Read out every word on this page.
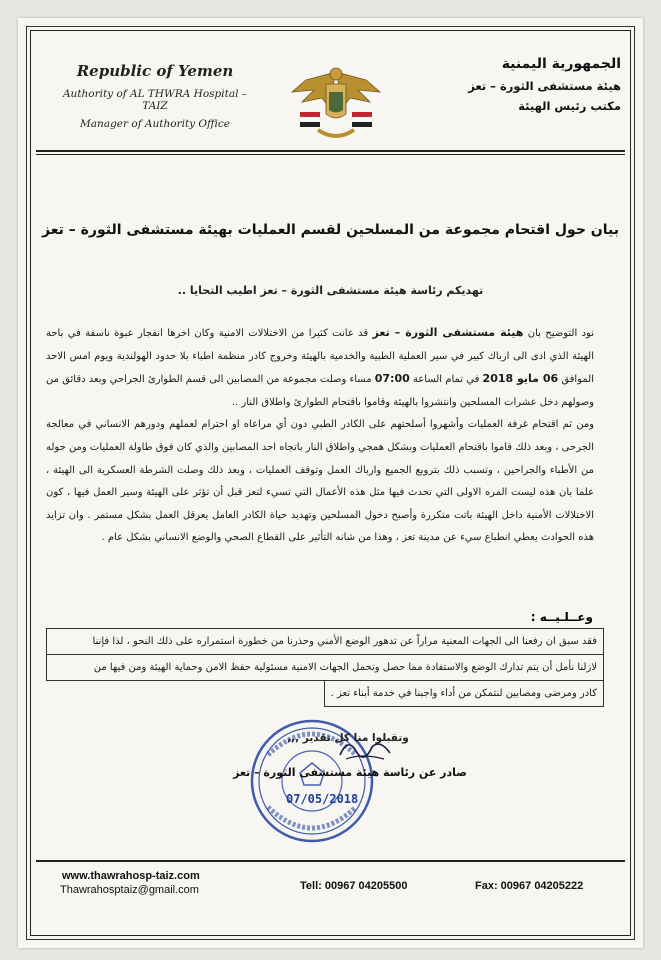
Republic of Yemen
Authority of AL THWRA Hospital – TAIZ
Manager of Authority Office
الجمهورية اليمنية
هيئة مستشفى الثورة – تعز
مكتب رئيس الهيئة
بيان حول اقتحام مجموعة من المسلحين لقسم العمليات بهيئة مستشفى الثورة – تعز
تهديكم رئاسة هيئة مستشفى الثورة – تعز اطيب التحايا ..
نود التوضيح بان هيئة مستشفى الثورة – تعز قد عانت كثيرا من الاختلالات الامنية وكان اخرها انفجار عبوة ناسفة في باحة الهيئة الذي ادى الى ارباك كبير في سير العملية الطبية والخدمية بالهيئة وخروج كادر منظمة اطباء بلا حدود الهولندية ويوم امس الاحد الموافق 06 مايو 2018 في تمام الساعة 07:00 مساء وصلت مجموعة من المصابين الى قسم الطوارئ الجراحي وبعد دقائق من وصولهم دخل عشرات المسلحين وانتشروا بالهيئة وقاموا باقتحام الطوارئ واطلاق النار ..
ومن ثم اقتحام غرفة العمليات وأشهروا أسلحتهم على الكادر الطبي دون أي مراعاه او احترام لعملهم ودورهم الانساني في معالجة الجرحى ، وبعد ذلك قاموا باقتحام العمليات وبشكل همجي واطلاق النار باتجاه احد المصابين والذي كان فوق طاولة العمليات ومن حوله من الأطباء والجراحين ، وتسبب ذلك بترويع الجميع وارباك العمل وتوقف العمليات ، وبعد ذلك وصلت الشرطة العسكرية الى الهيئة ، علما بان هذه ليست المره الاولى التي تحدث فيها مثل هذه الأعمال التي تسيء لتعز قبل أن تؤثر على الهيئة وسير العمل فيها ، كون الاختلالات الأمنية داخل الهيئة باتت متكررة وأصبح دخول المسلحين وتهديد حياة الكادر العامل يعرقل العمل بشكل مستمر . وان تزايد هذه الحوادث يعطي انطباع سيء عن مدينة تعز ، وهذا من شانه التأثير على القطاع الصحي والوضع الانساني بشكل عام .
وعــلـيــه :
فقد سبق ان رفعنا الى الجهات المعنية مراراً عن تدهور الوضع الأمني وحذرنا من خطورة استمراره على ذلك النحو ، لذا فإننا
لازلنا نأمل أن يتم تدارك الوضع والاستفادة مما حصل وتحمل الجهات الامنية مسئولية حفظ الامن وحماية الهيئة ومن فيها من
كادر ومرضى ومصابين لنتمكن من أداء واجبنا في خدمة أبناء تعز .
وتقبلوا منا كل تقدير ,,,
صادر عن رئاسة هيئة مستشفى الثورة – تعز
07/05/2018
www.thawrahosp-taiz.com
Thawrahosptaiz@gmail.com	Tell: 00967 04205500	Fax: 00967 04205222
